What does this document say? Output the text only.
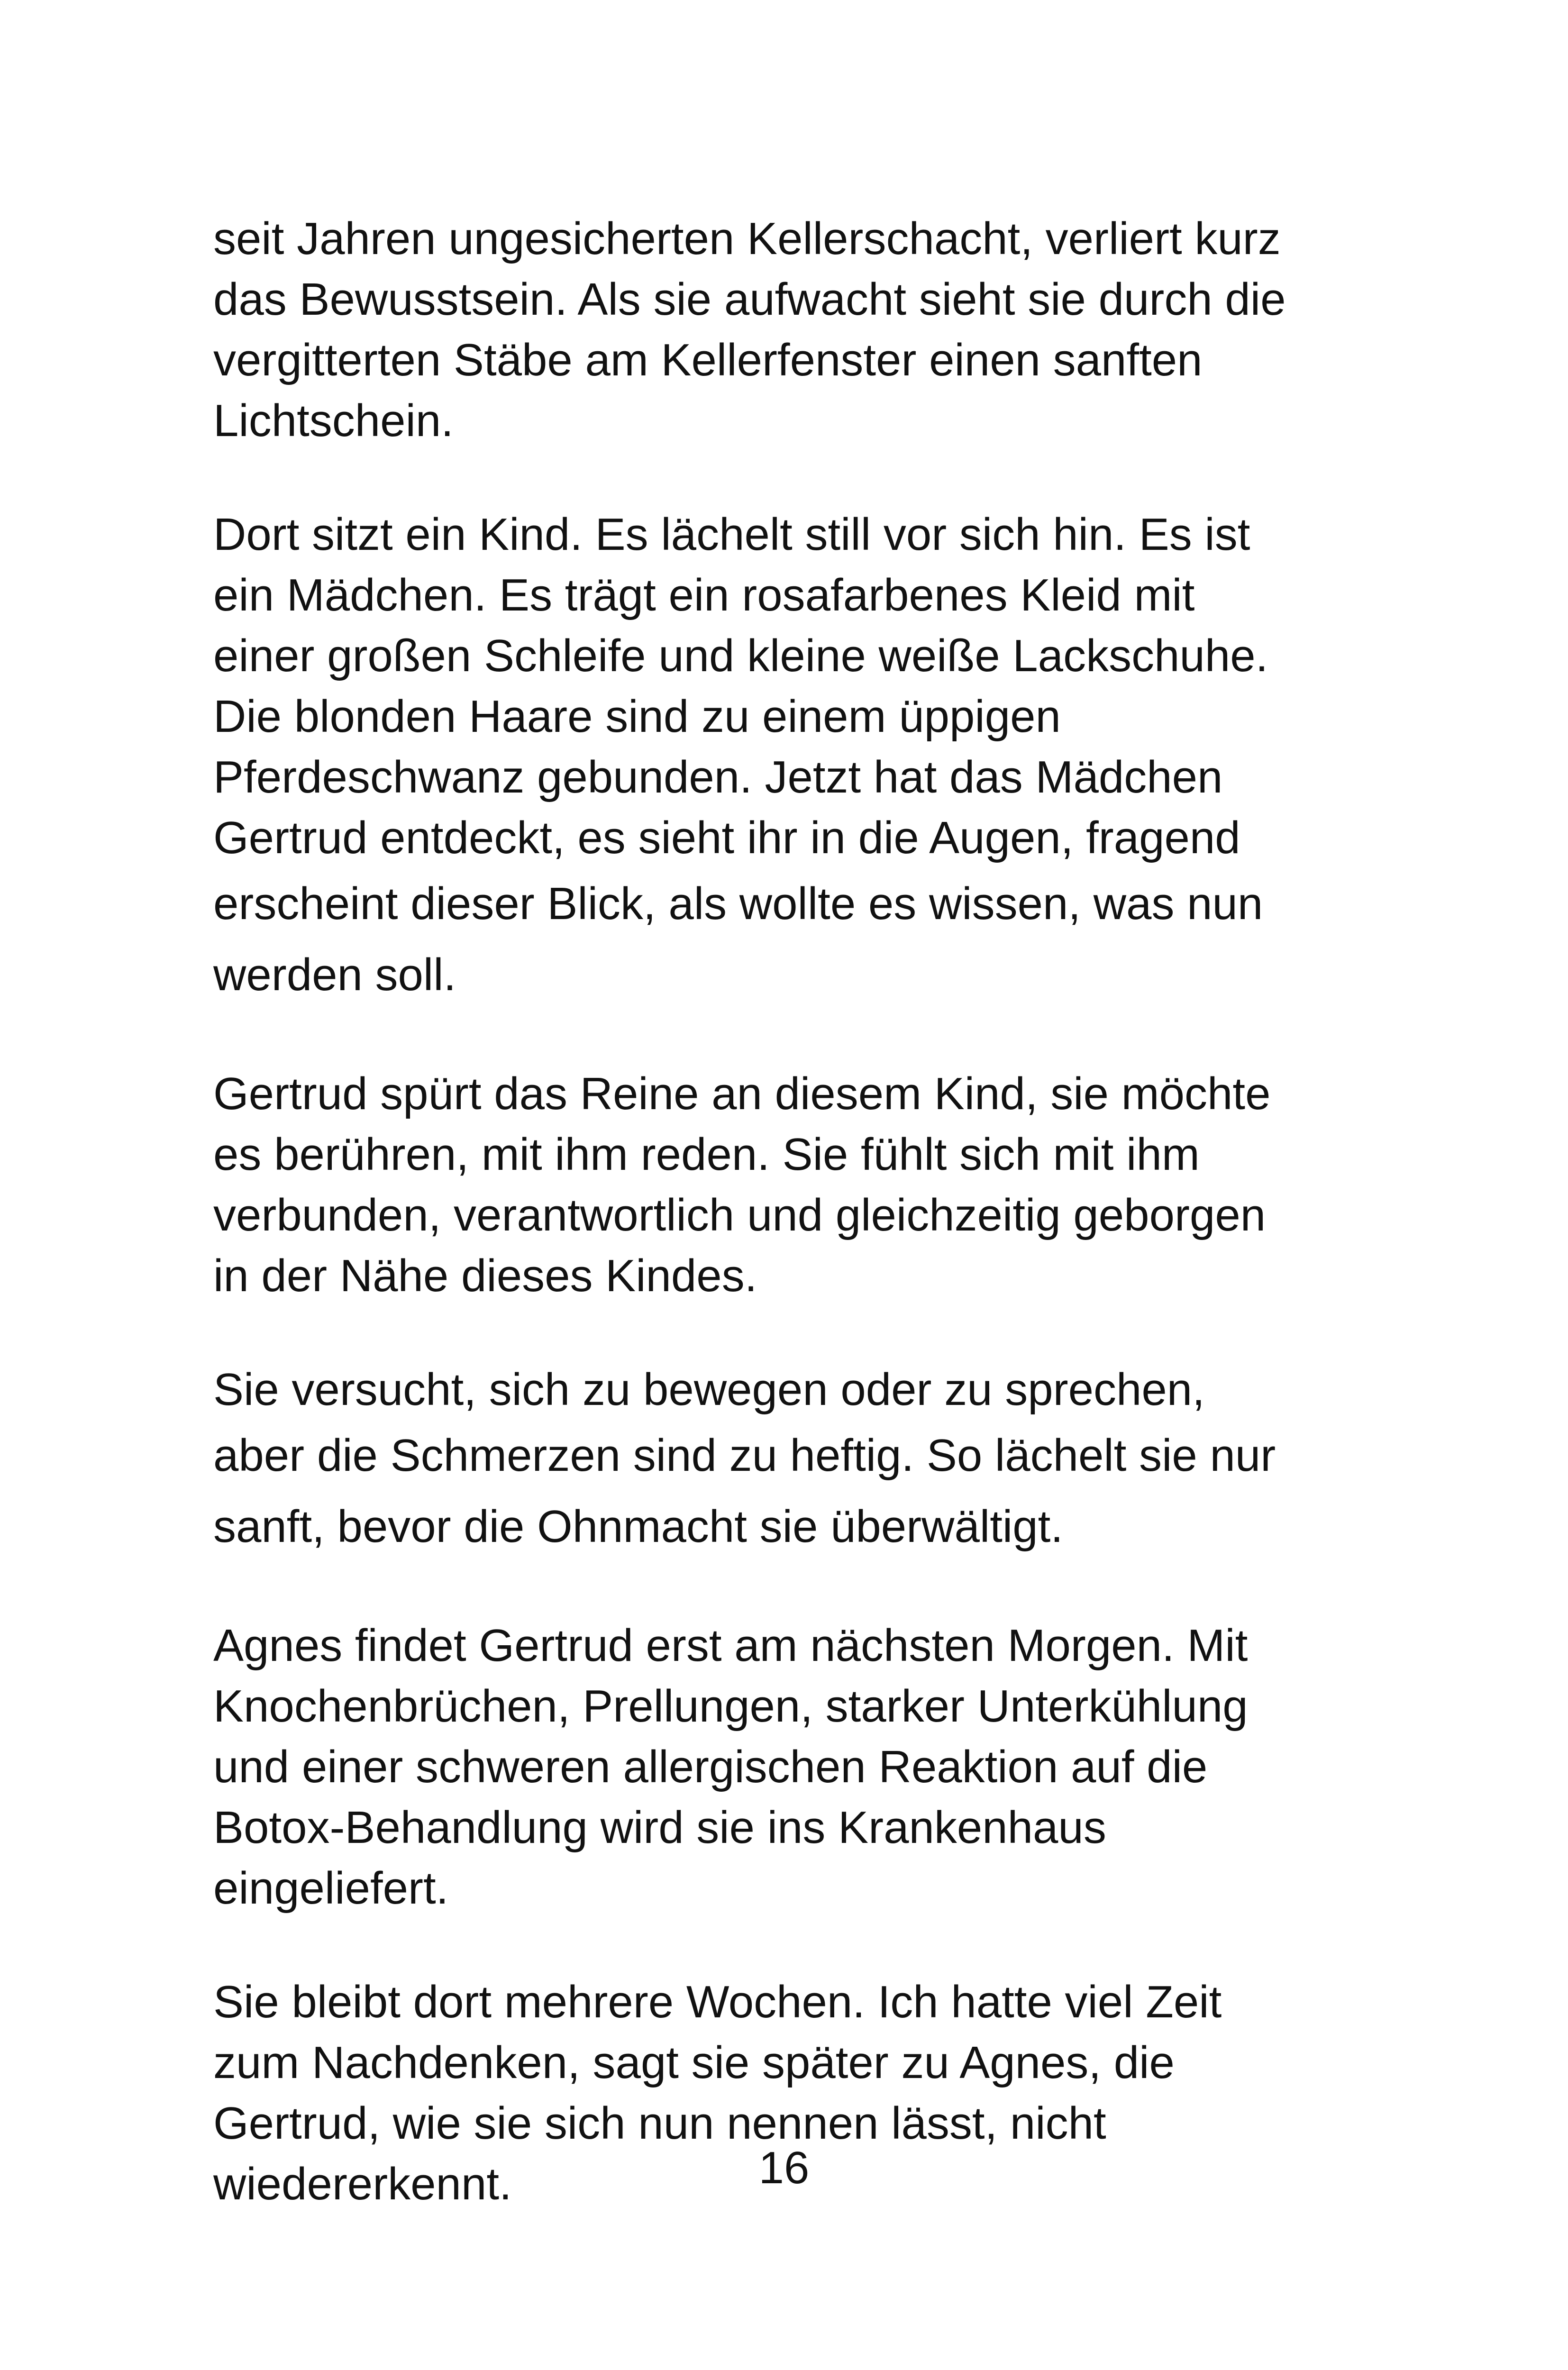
seit Jahren ungesicherten Kellerschacht, verliert kurz
das Bewusstsein. Als sie aufwacht sieht sie durch die
vergitterten Stäbe am Kellerfenster einen sanften
Lichtschein.

Dort sitzt ein Kind. Es lächelt still vor sich hin. Es ist
ein Mädchen. Es trägt ein rosafarbenes Kleid mit
einer großen Schleife und kleine weiße Lackschuhe.
Die blonden Haare sind zu einem üppigen
Pferdeschwanz gebunden. Jetzt hat das Mädchen
Gertrud entdeckt, es sieht ihr in die Augen, fragend
erscheint dieser Blick, als wollte es wissen, was nun
werden soll.

Gertrud spürt das Reine an diesem Kind, sie möchte
es berühren, mit ihm reden. Sie fühlt sich mit ihm
verbunden, verantwortlich und gleichzeitig geborgen
in der Nähe dieses Kindes.

Sie versucht, sich zu bewegen oder zu sprechen,
aber die Schmerzen sind zu heftig. So lächelt sie nur
sanft, bevor die Ohnmacht sie überwältigt.

Agnes findet Gertrud erst am nächsten Morgen. Mit
Knochenbrüchen, Prellungen, starker Unterkühlung
und einer schweren allergischen Reaktion auf die
Botox-Behandlung wird sie ins Krankenhaus
eingeliefert.

Sie bleibt dort mehrere Wochen. Ich hatte viel Zeit
zum Nachdenken, sagt sie später zu Agnes, die
Gertrud, wie sie sich nun nennen lässt, nicht
wiedererkennt.	16
